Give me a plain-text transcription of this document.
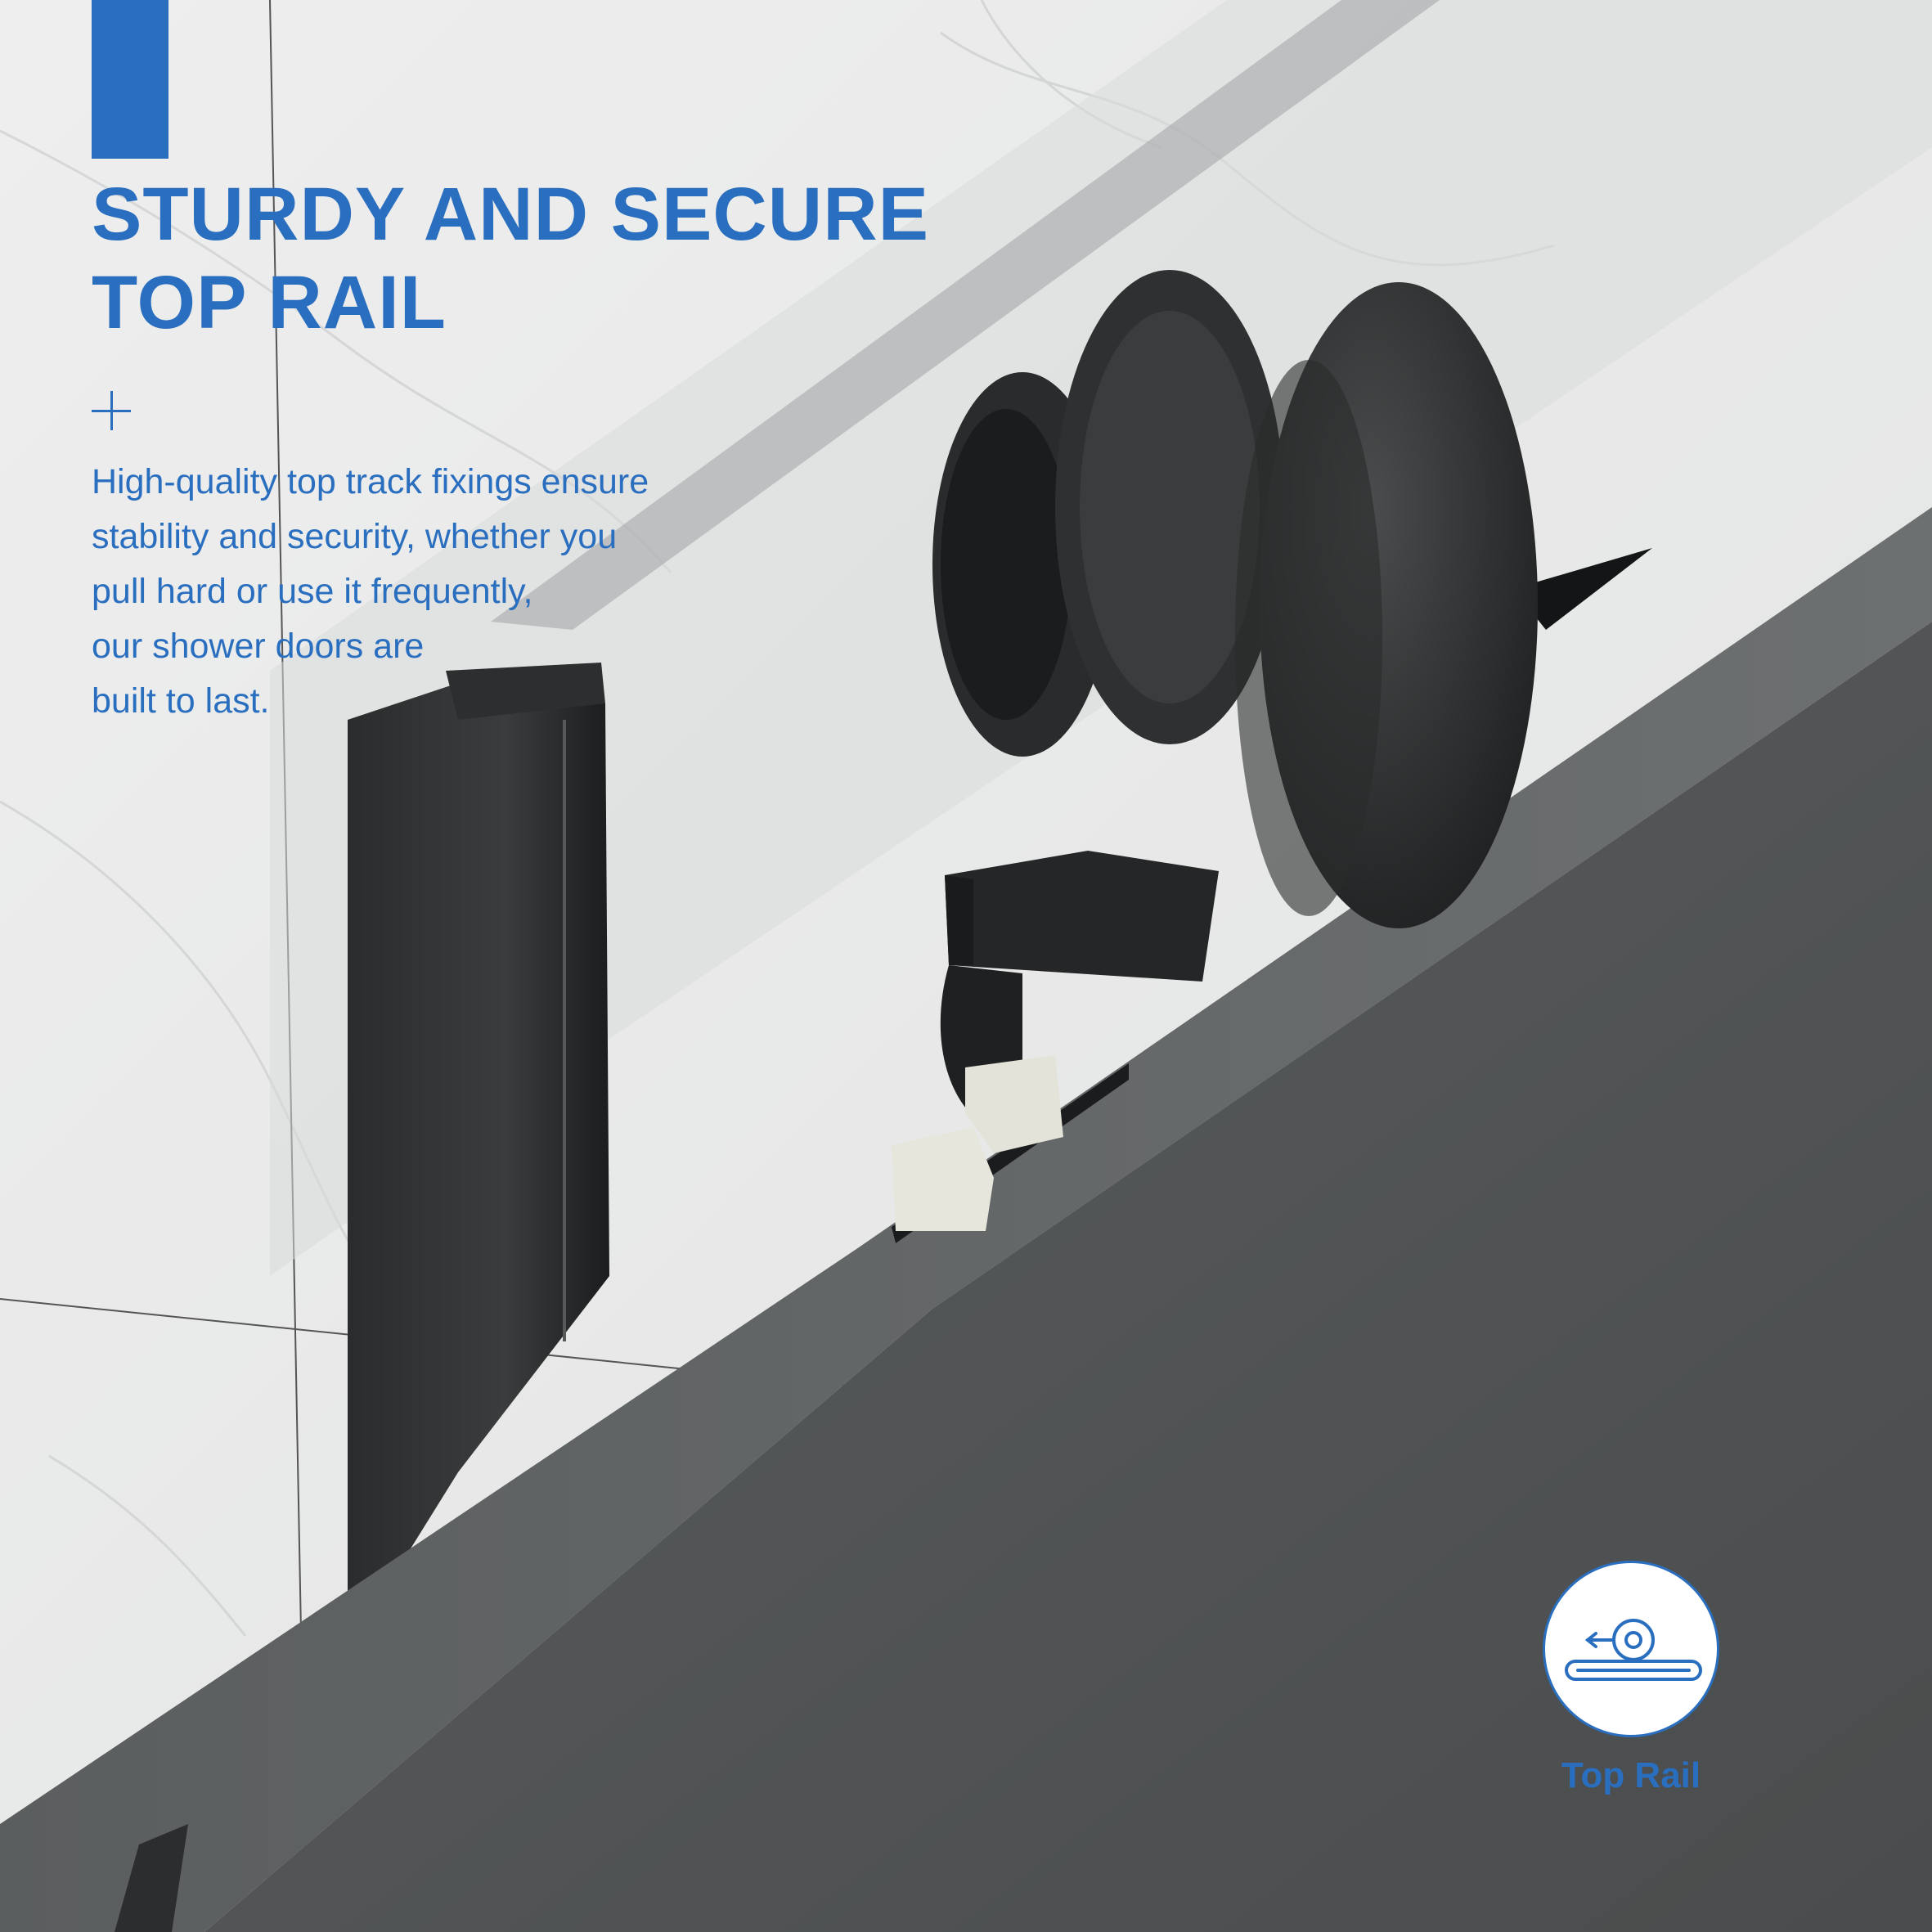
STURDY AND SECURE
TOP RAIL
High-quality top track fixings ensure
stability and security, whether you
pull hard or use it frequently,
our shower doors are
built to last.
Top Rail
